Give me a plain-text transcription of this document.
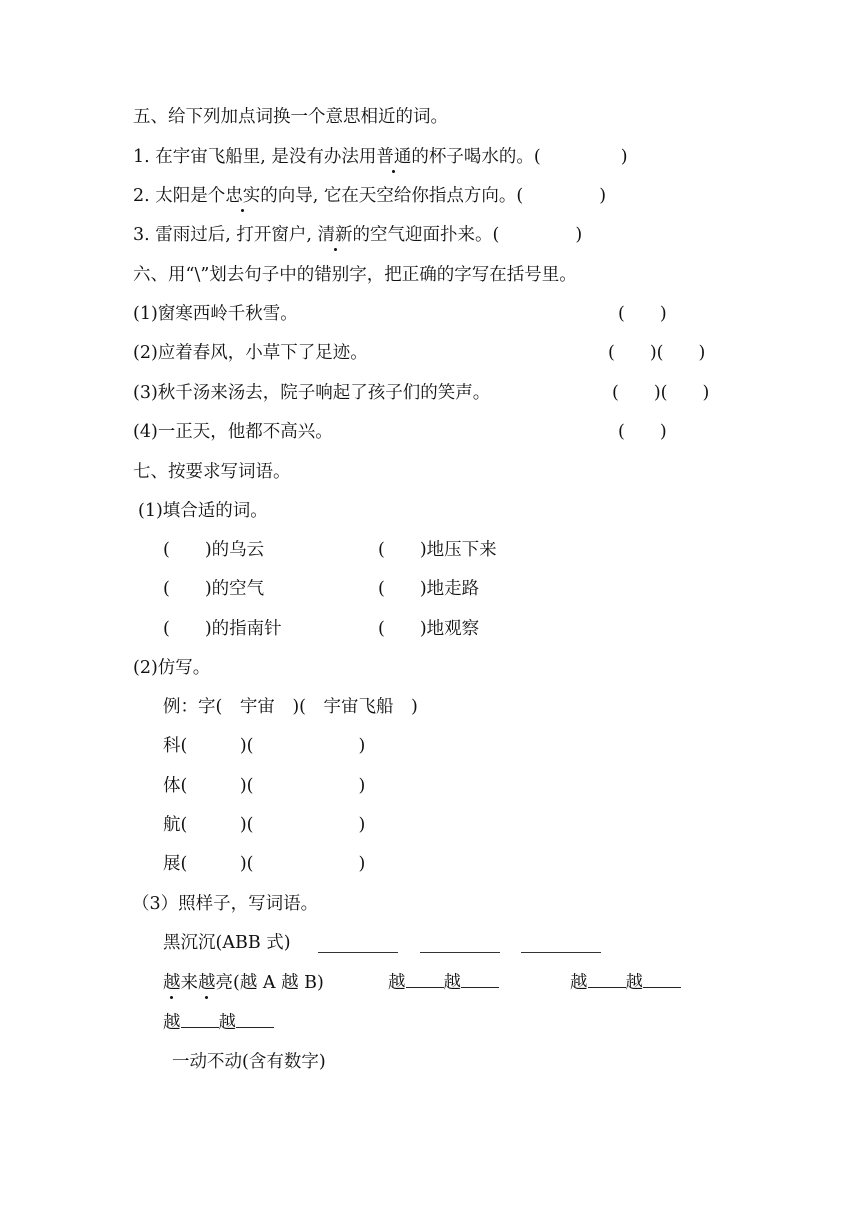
五、给下列加点词换一个意思相近的词。
1. 在宇宙飞船里, 是没有办法用普通的杯子喝水的。(	)
2. 太阳是个忠实的向导, 它在天空给你指点方向。(	)
3. 雷雨过后, 打开窗户, 清新的空气迎面扑来。(	)
六、用“\”划去句子中的错别字，把正确的字写在括号里。
(1)窗寒西岭千秋雪。	(　　)
(2)应着春风，小草下了足迹。	(　　)(　　)
(3)秋千汤来汤去，院子响起了孩子们的笑声。	(　　)(　　)
(4)一正天，他都不高兴。	(　　)
七、按要求写词语。
(1)填合适的词。
(　　)的乌云	(　　)地压下来
(　　)的空气	(　　)地走路
(　　)的指南针	(　　)地观察
(2)仿写。
例：字(　宇宙　)(　宇宙飞船　)
科(　　　)(　　　　　　)
体(　　　)(　　　　　　)
航(　　　)(　　　　　　)
展(　　　)(　　　　　　)
（3）照样子，写词语。
黑沉沉(ABB 式)
越来越亮(越 A 越 B)	越 越	越 越
越 越
一动不动(含有数字)
